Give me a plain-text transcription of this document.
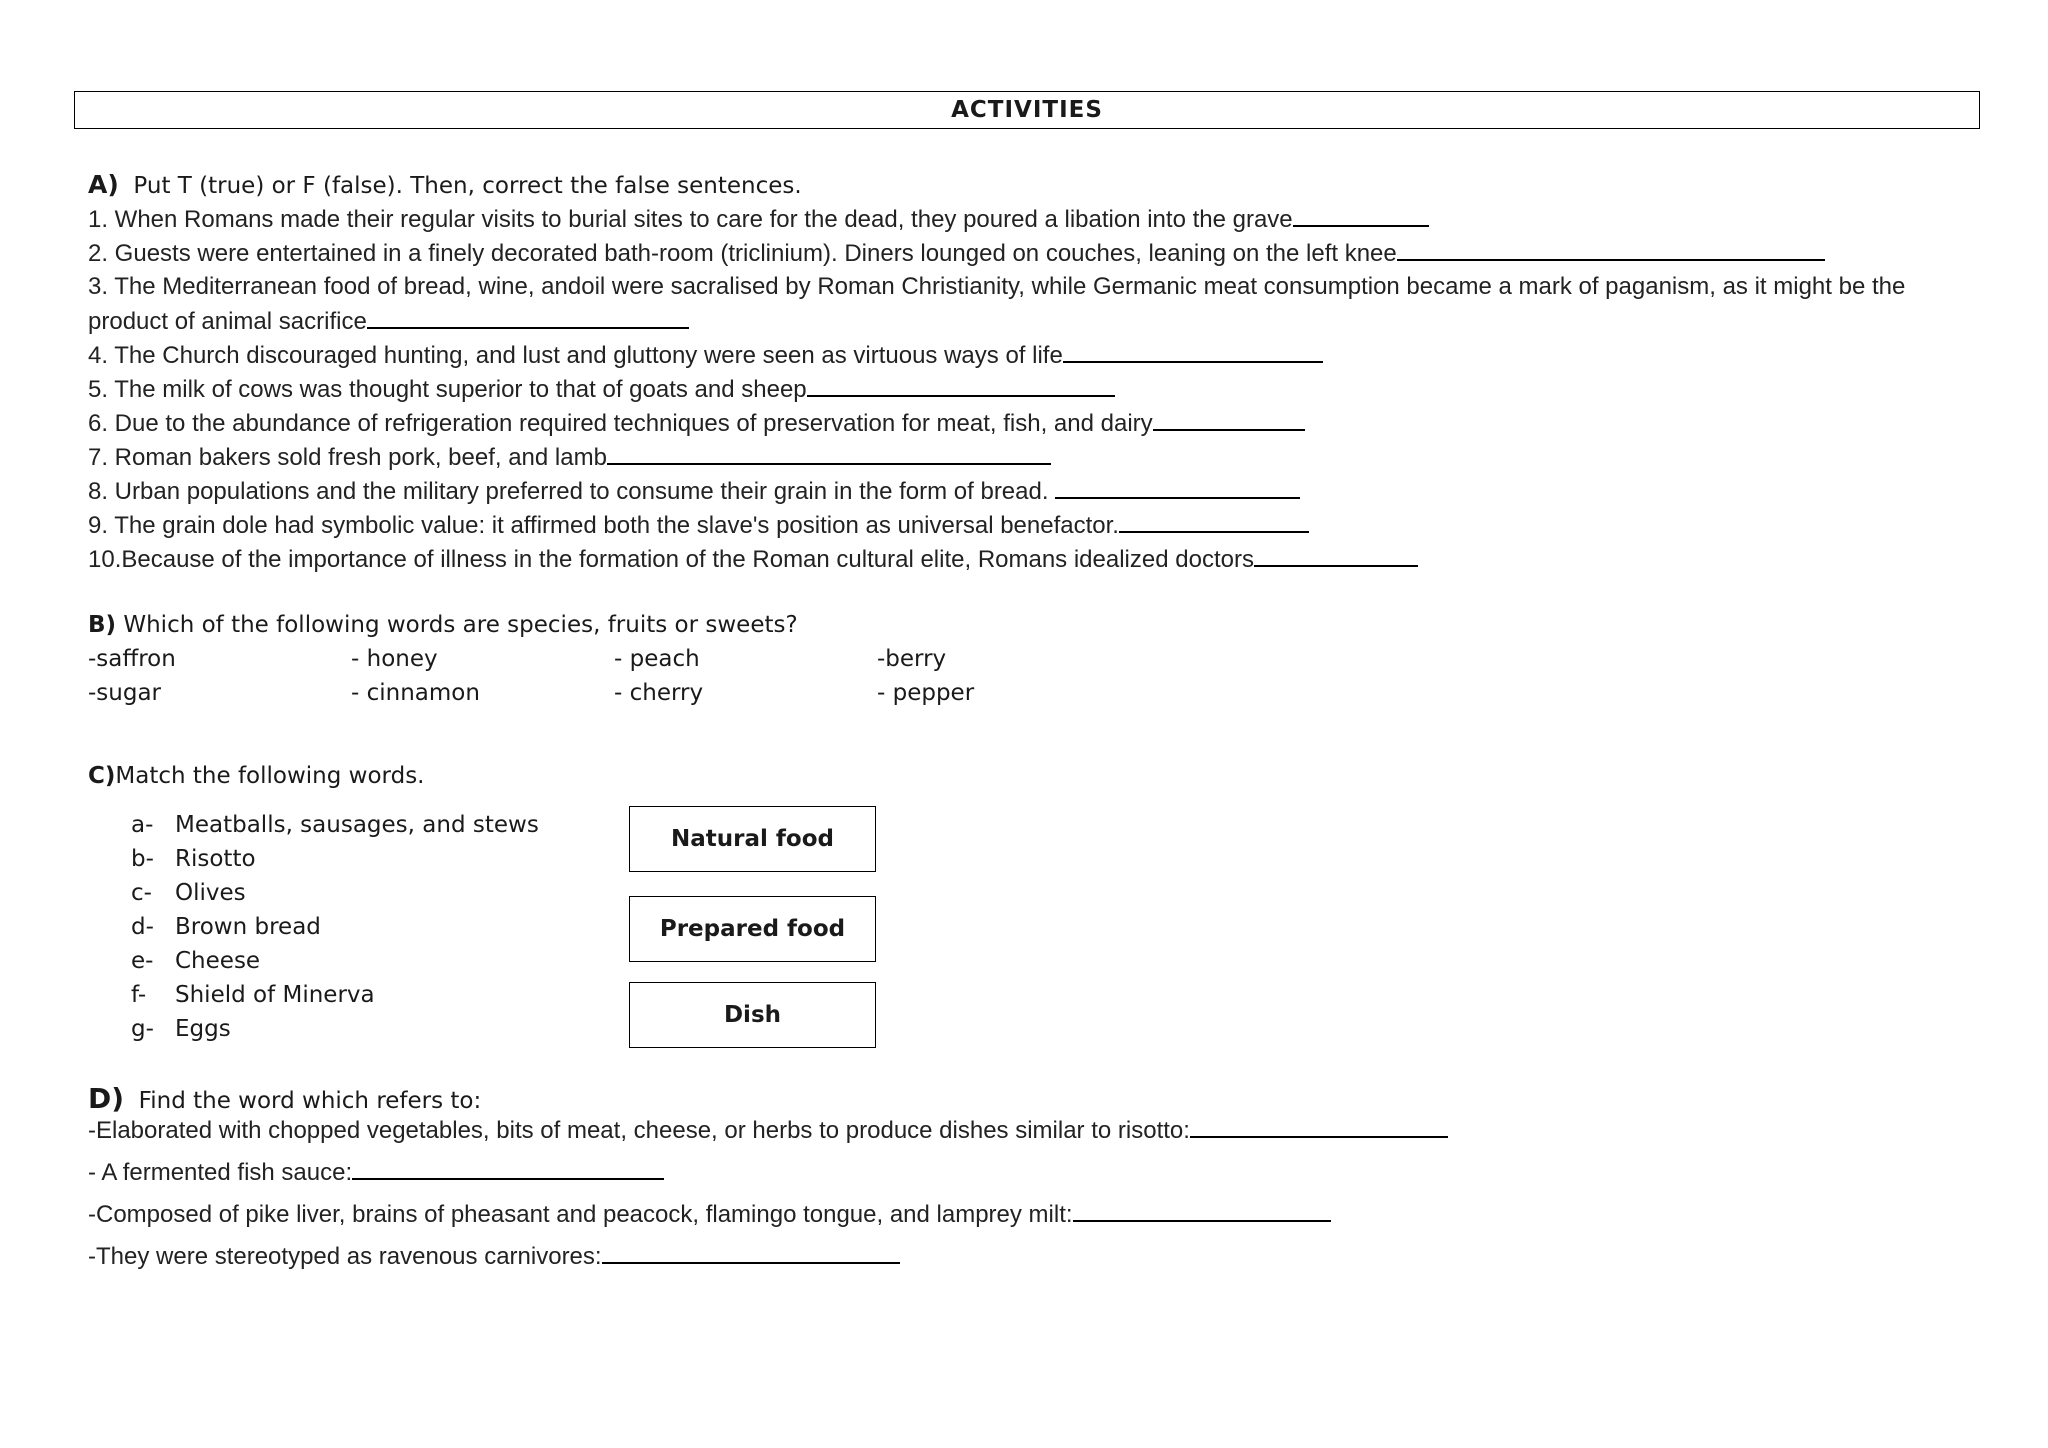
ACTIVITIES
A) Put T (true) or F (false). Then, correct the false sentences.
1. When Romans made their regular visits to burial sites to care for the dead, they poured a libation into the grave
2. Guests were entertained in a finely decorated bath-room (triclinium). Diners lounged on couches, leaning on the left knee
3. The Mediterranean food of bread, wine, andoil were sacralised by Roman Christianity, while Germanic meat consumption became a mark of paganism, as it might be the
product of animal sacrifice
4. The Church discouraged hunting, and lust and gluttony were seen as virtuous ways of life
5. The milk of cows was thought superior to that of goats and sheep
6. Due to the abundance of refrigeration required techniques of preservation for meat, fish, and dairy
7. Roman bakers sold fresh pork, beef, and lamb
8. Urban populations and the military preferred to consume their grain in the form of bread.
9. The grain dole had symbolic value: it affirmed both the slave's position as universal benefactor.
10.Because of the importance of illness in the formation of the Roman cultural elite, Romans idealized doctors
B) Which of the following words are species, fruits or sweets?
-saffron	- honey	- peach	-berry
-sugar	- cinnamon	- cherry	- pepper
C)Match the following words.
a- Meatballs, sausages, and stews
b- Risotto
c- Olives
d- Brown bread
e- Cheese
f- Shield of Minerva
g- Eggs
Natural food
Prepared food
Dish
D) Find the word which refers to:
-Elaborated with chopped vegetables, bits of meat, cheese, or herbs to produce dishes similar to risotto:
- A fermented fish sauce:
-Composed of pike liver, brains of pheasant and peacock, flamingo tongue, and lamprey milt:
-They were stereotyped as ravenous carnivores:
